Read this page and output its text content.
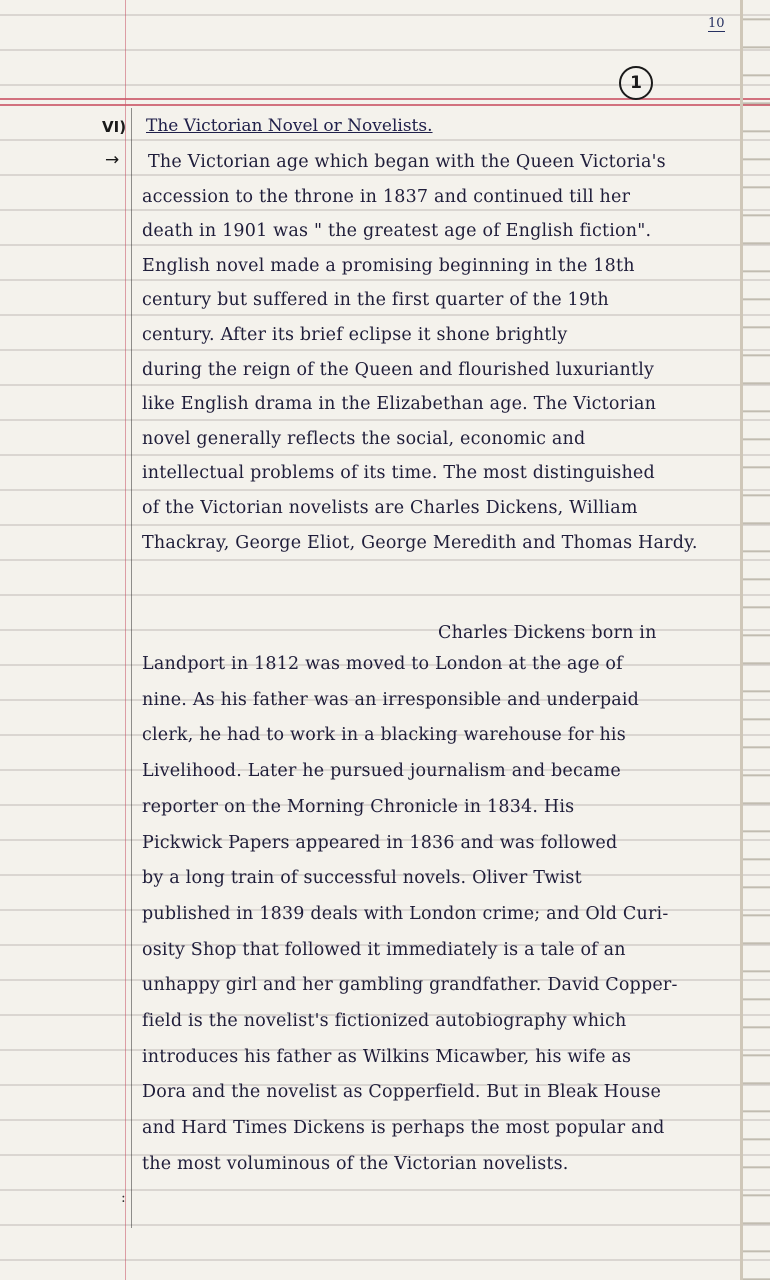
10
1
VI) The Victorian Novel or Novelists.
→ The Victorian age which began with the Queen Victoria's
accession to the throne in 1837 and continued till her
death in 1901 was " the greatest age of English fiction".
English novel made a promising beginning in the 18th
century but suffered in the first quarter of the 19th
century. After its brief eclipse it shone brightly
during the reign of the Queen and flourished luxuriantly
like English drama in the Elizabethan age. The Victorian
novel generally reflects the social, economic and
intellectual problems of its time. The most distinguished
of the Victorian novelists are Charles Dickens, William
Thackray, George Eliot, George Meredith and Thomas Hardy.
Charles Dickens born in
Landport in 1812 was moved to London at the age of
nine. As his father was an irresponsible and underpaid
clerk, he had to work in a blacking warehouse for his
Livelihood. Later he pursued journalism and became
reporter on the Morning Chronicle in 1834. His
Pickwick Papers appeared in 1836 and was followed
by a long train of successful novels. Oliver Twist
published in 1839 deals with London crime; and Old Curi-
osity Shop that followed it immediately is a tale of an
unhappy girl and her gambling grandfather. David Copper-
field is the novelist's fictionized autobiography which
introduces his father as Wilkins Micawber, his wife as
Dora and the novelist as Copperfield. But in Bleak House
and Hard Times Dickens is perhaps the most popular and
the most voluminous of the Victorian novelists.
:
